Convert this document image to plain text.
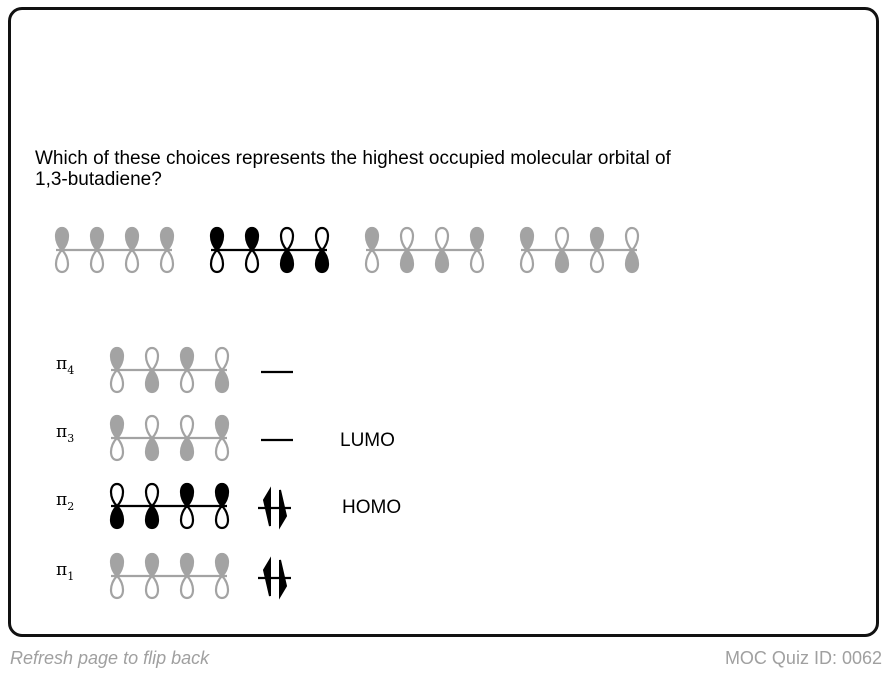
Which of these choices represents the highest occupied molecular orbital of 1,3-butadiene?

$\pi_4$
$\pi_3$	LUMO
$\pi_2$	HOMO
$\pi_1$
Refresh page to flip back	MOC Quiz ID: 0062
